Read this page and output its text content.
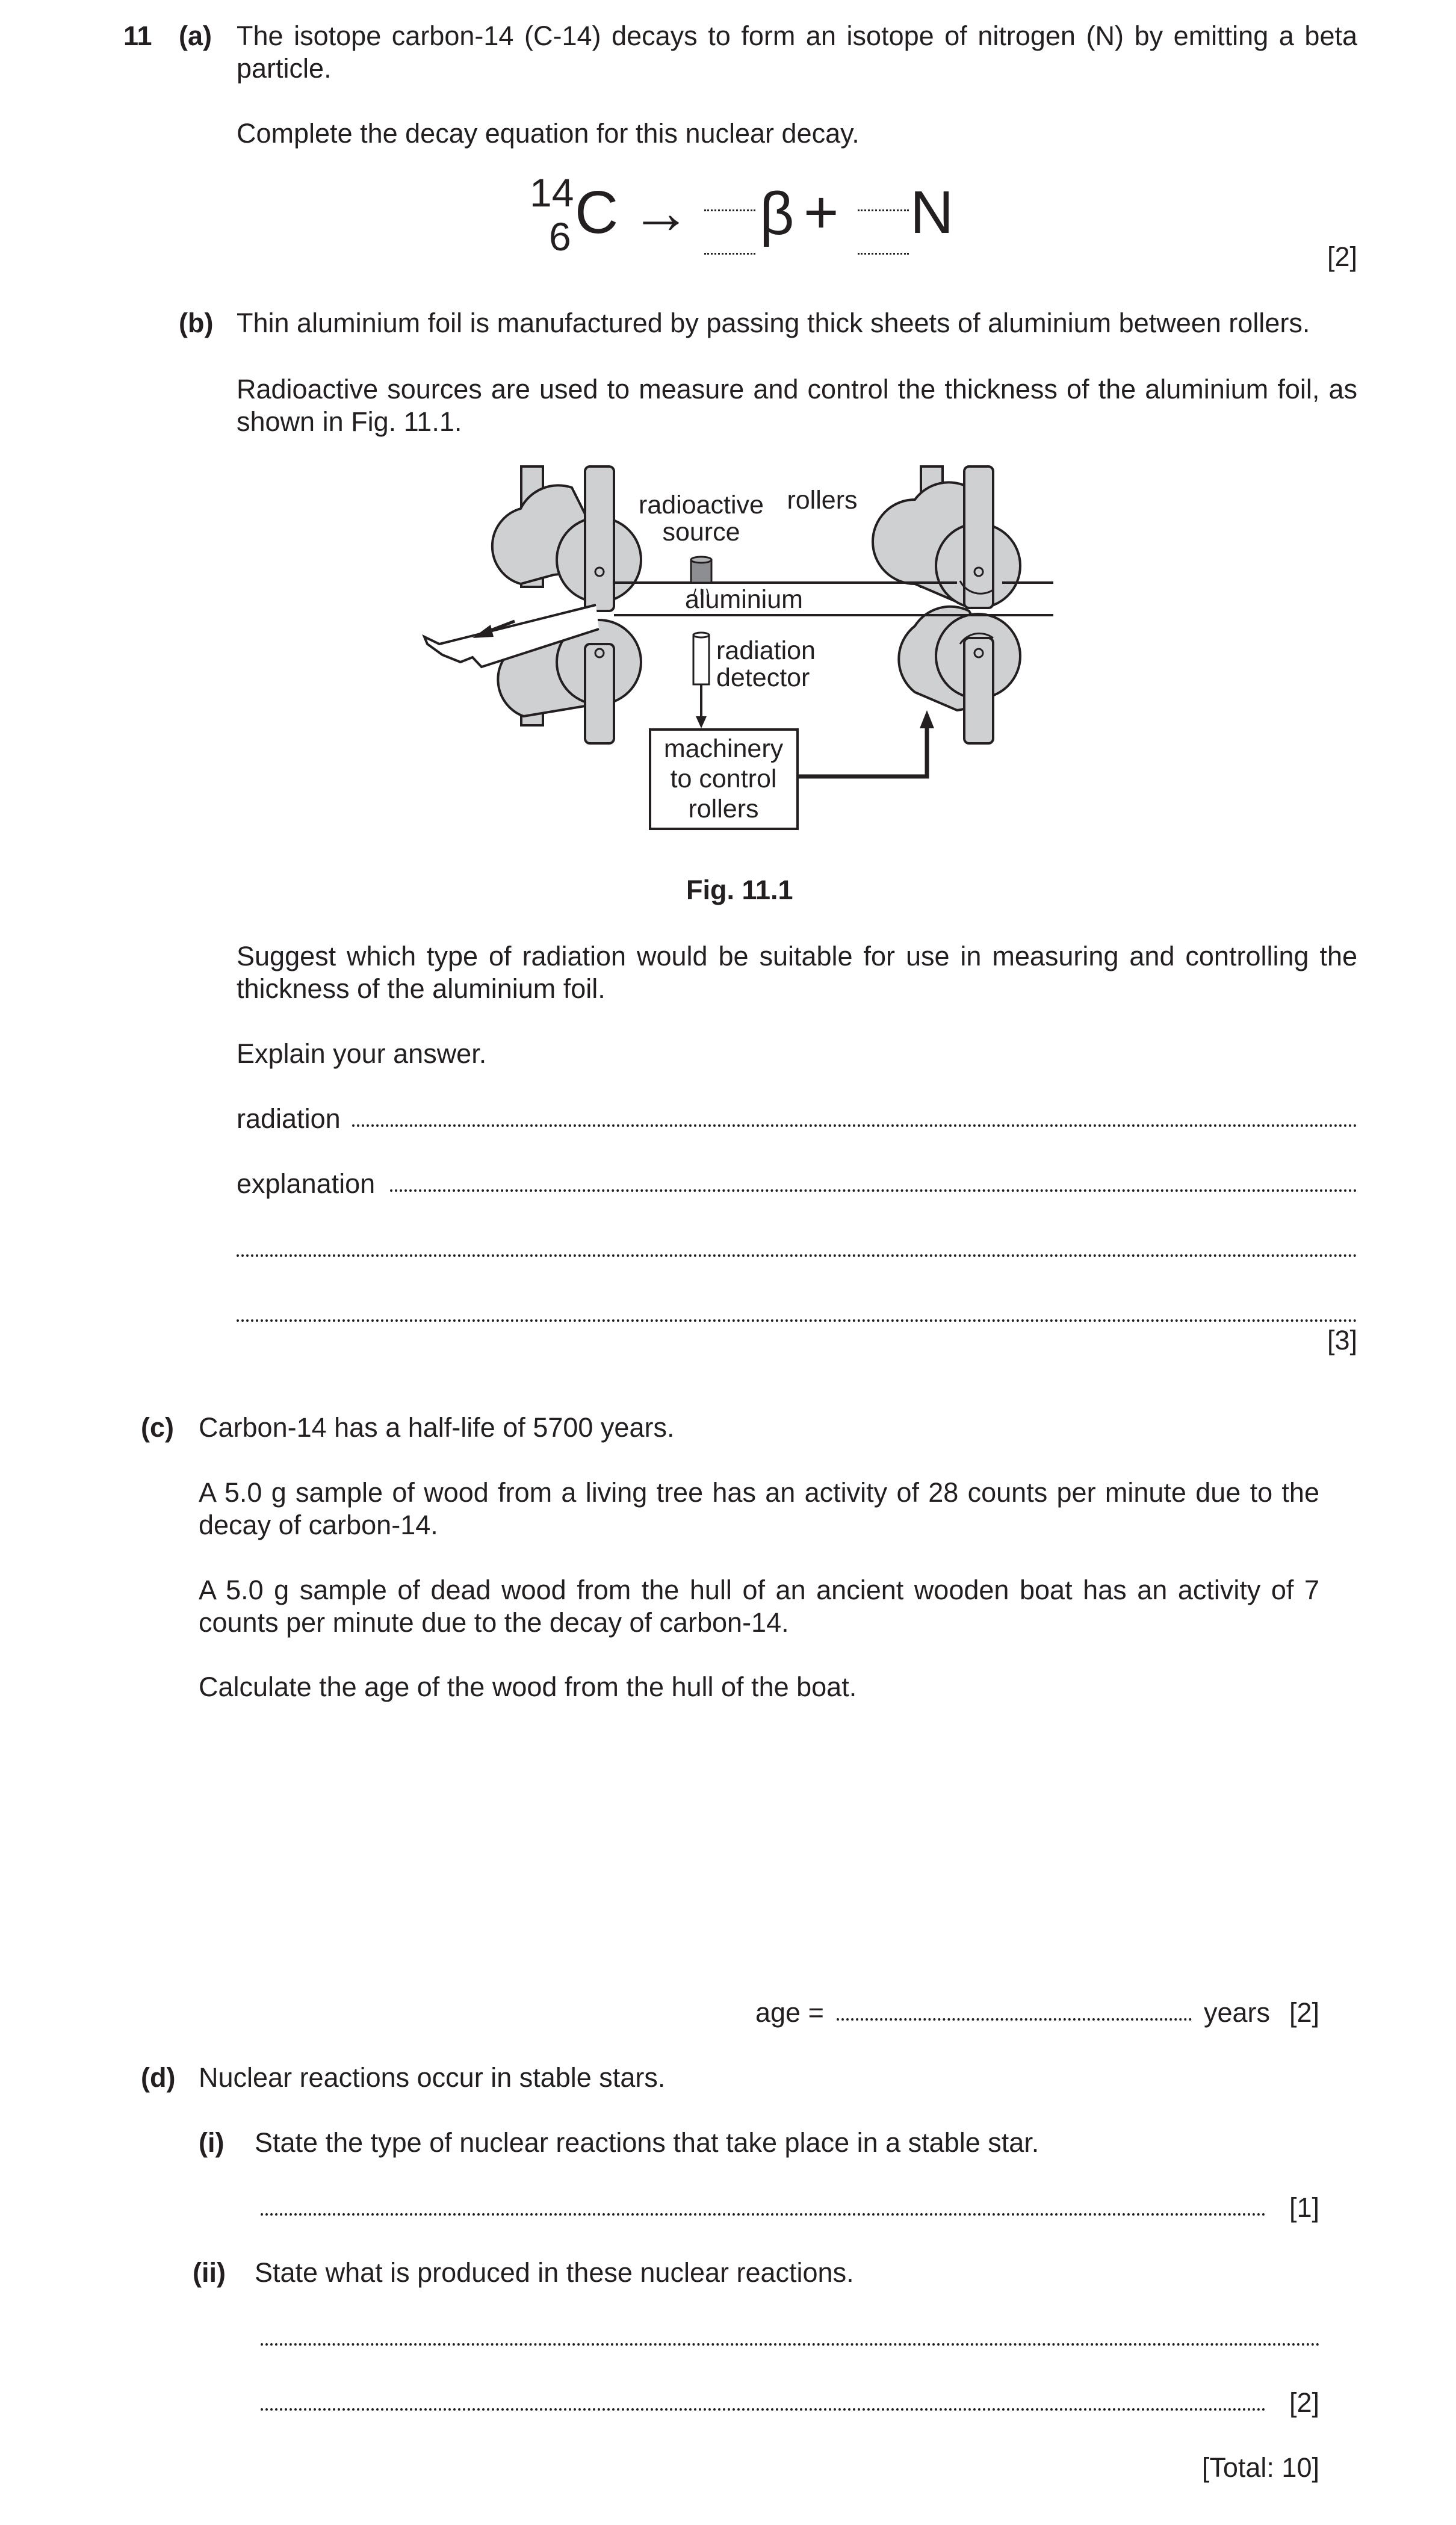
11 (a) The isotope carbon-14 (C-14) decays to form an isotope of nitrogen (N) by emitting a beta particle.
Complete the decay equation for this nuclear decay.
14
6 C → β + N
[2]
(b) Thin aluminium foil is manufactured by passing thick sheets of aluminium between rollers.
Radioactive sources are used to measure and control the thickness of the aluminium foil, as shown in Fig. 11.1.
radioactive
source
rollers
aluminium
radiation
detector
machinery
to control
rollers
Fig. 11.1
Suggest which type of radiation would be suitable for use in measuring and controlling the thickness of the aluminium foil.
Explain your answer.
radiation
explanation
[3]
(c) Carbon-14 has a half-life of 5700 years.
A 5.0 g sample of wood from a living tree has an activity of 28 counts per minute due to the decay of carbon-14.
A 5.0 g sample of dead wood from the hull of an ancient wooden boat has an activity of 7 counts per minute due to the decay of carbon-14.
Calculate the age of the wood from the hull of the boat.
age =	years [2]
(d) Nuclear reactions occur in stable stars.
(i) State the type of nuclear reactions that take place in a stable star.
[1]
(ii) State what is produced in these nuclear reactions.
[2]
[Total: 10]
